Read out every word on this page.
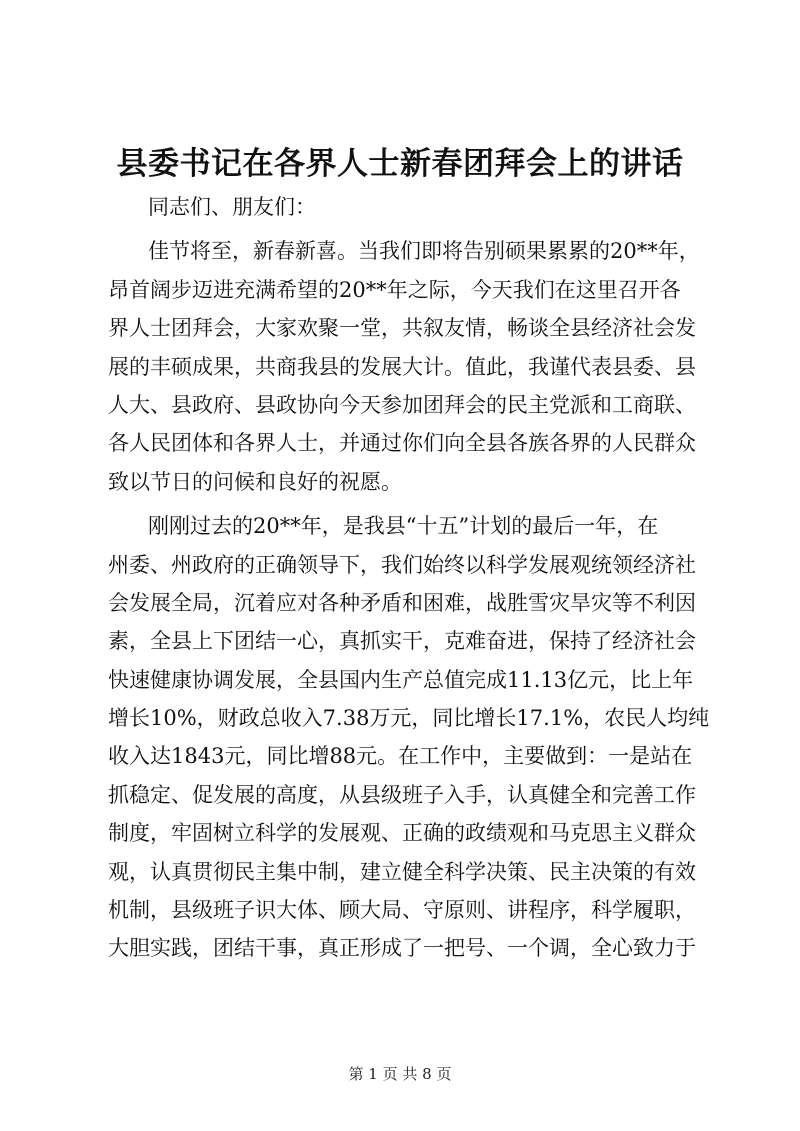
县委书记在各界人士新春团拜会上的讲话
同志们、朋友们：
佳节将至，新春新喜。当我们即将告别硕果累累的20**年，
昂首阔步迈进充满希望的20**年之际，今天我们在这里召开各
界人士团拜会，大家欢聚一堂，共叙友情，畅谈全县经济社会发
展的丰硕成果，共商我县的发展大计。值此，我谨代表县委、县
人大、县政府、县政协向今天参加团拜会的民主党派和工商联、
各人民团体和各界人士，并通过你们向全县各族各界的人民群众
致以节日的问候和良好的祝愿。
刚刚过去的20**年，是我县“十五”计划的最后一年，在
州委、州政府的正确领导下，我们始终以科学发展观统领经济社
会发展全局，沉着应对各种矛盾和困难，战胜雪灾旱灾等不利因
素，全县上下团结一心，真抓实干，克难奋进，保持了经济社会
快速健康协调发展，全县国内生产总值完成11.13亿元，比上年
增长10%，财政总收入7.38万元，同比增长17.1%，农民人均纯
收入达1843元，同比增88元。在工作中，主要做到：一是站在
抓稳定、促发展的高度，从县级班子入手，认真健全和完善工作
制度，牢固树立科学的发展观、正确的政绩观和马克思主义群众
观，认真贯彻民主集中制，建立健全科学决策、民主决策的有效
机制，县级班子识大体、顾大局、守原则、讲程序，科学履职，
大胆实践，团结干事，真正形成了一把号、一个调，全心致力于
第 1 页 共 8 页
